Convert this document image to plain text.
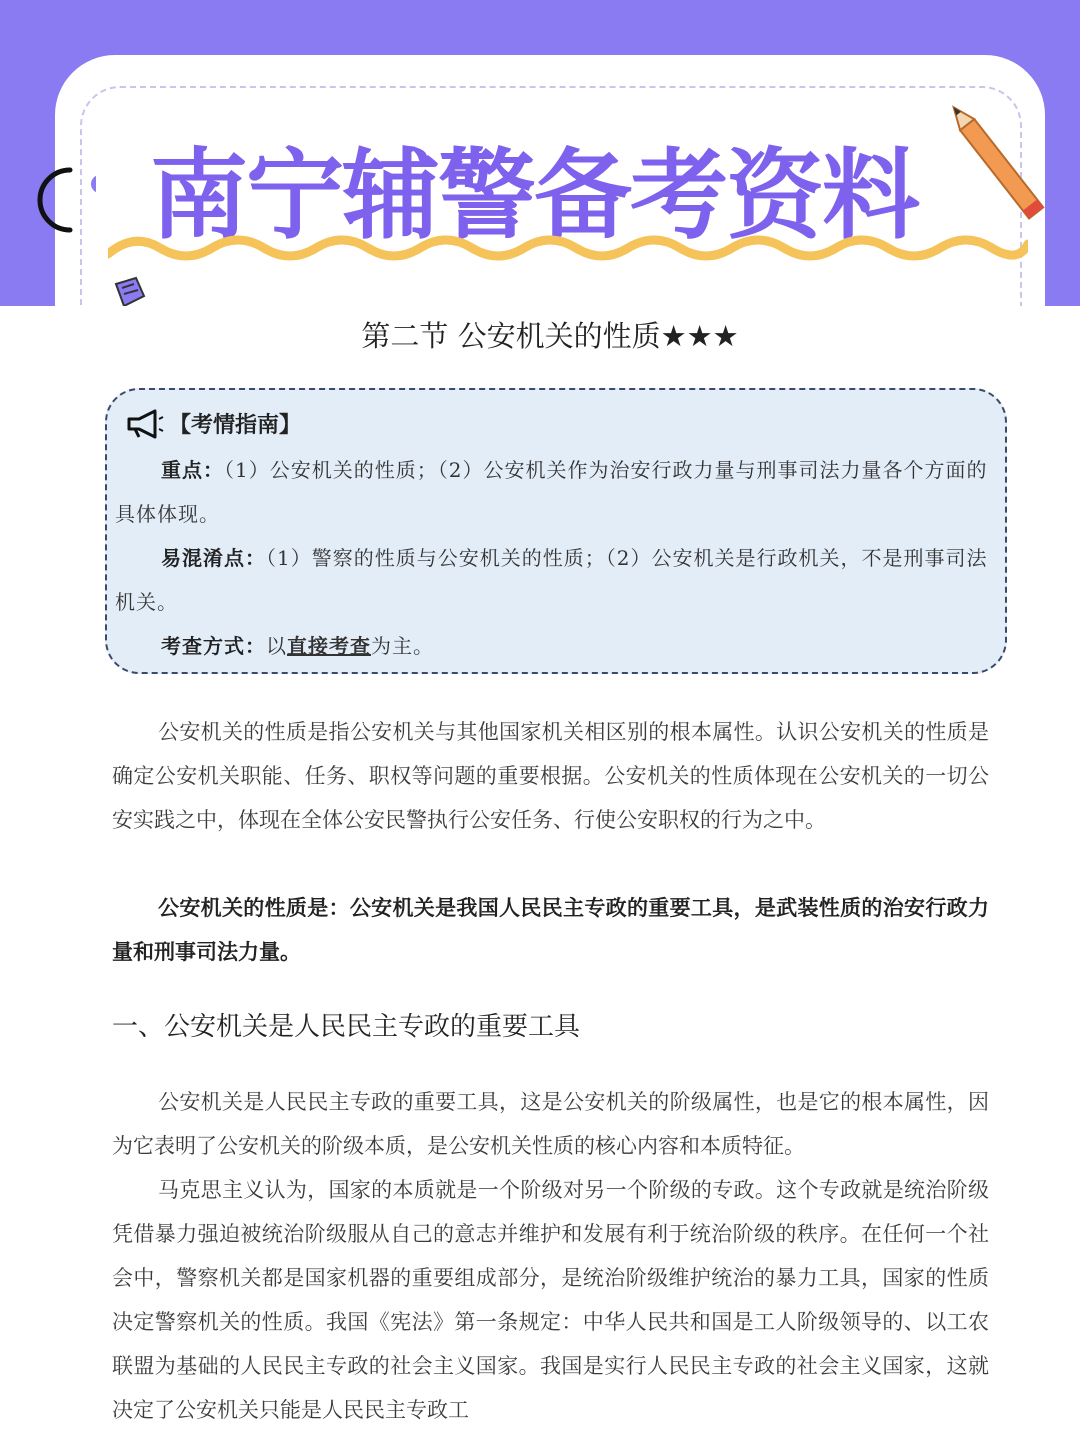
南宁辅警备考资料
第二节 公安机关的性质★★★
【考情指南】

重点：（1）公安机关的性质；（2）公安机关作为治安行政力量与刑事司法力量各个方面的具体体现。

易混淆点：（1）警察的性质与公安机关的性质；（2）公安机关是行政机关，不是刑事司法机关。

考查方式：以直接考查为主。

公安机关的性质是指公安机关与其他国家机关相区别的根本属性。认识公安机关的性质是确定公安机关职能、任务、职权等问题的重要根据。公安机关的性质体现在公安机关的一切公安实践之中，体现在全体公安民警执行公安任务、行使公安职权的行为之中。

公安机关的性质是：公安机关是我国人民民主专政的重要工具，是武装性质的治安行政力量和刑事司法力量。

一、公安机关是人民民主专政的重要工具

公安机关是人民民主专政的重要工具，这是公安机关的阶级属性，也是它的根本属性，因为它表明了公安机关的阶级本质，是公安机关性质的核心内容和本质特征。

马克思主义认为，国家的本质就是一个阶级对另一个阶级的专政。这个专政就是统治阶级凭借暴力强迫被统治阶级服从自己的意志并维护和发展有利于统治阶级的秩序。在任何一个社会中，警察机关都是国家机器的重要组成部分，是统治阶级维护统治的暴力工具，国家的性质决定警察机关的性质。我国《宪法》第一条规定：中华人民共和国是工人阶级领导的、以工农联盟为基础的人民民主专政的社会主义国家。我国是实行人民民主专政的社会主义国家，这就决定了公安机关只能是人民民主专政工
